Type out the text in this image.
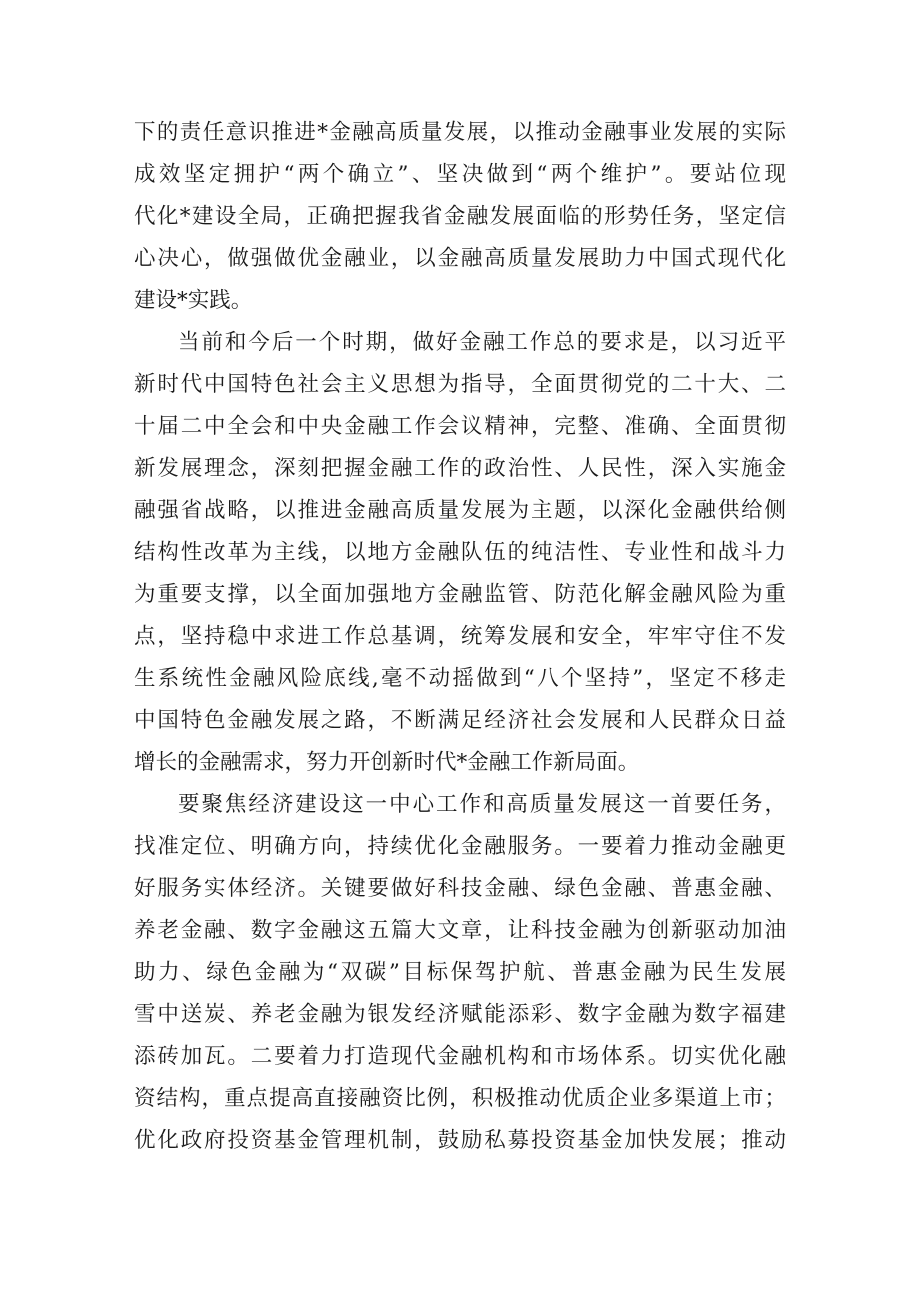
下的责任意识推进*金融高质量发展，以推动金融事业发展的实际
成效坚定拥护“两个确立”、坚决做到“两个维护”。要站位现
代化*建设全局，正确把握我省金融发展面临的形势任务，坚定信
心决心，做强做优金融业，以金融高质量发展助力中国式现代化
建设*实践。
当前和今后一个时期，做好金融工作总的要求是，以习近平
新时代中国特色社会主义思想为指导，全面贯彻党的二十大、二
十届二中全会和中央金融工作会议精神，完整、准确、全面贯彻
新发展理念，深刻把握金融工作的政治性、人民性，深入实施金
融强省战略，以推进金融高质量发展为主题，以深化金融供给侧
结构性改革为主线，以地方金融队伍的纯洁性、专业性和战斗力
为重要支撑，以全面加强地方金融监管、防范化解金融风险为重
点，坚持稳中求进工作总基调，统筹发展和安全，牢牢守住不发
生系统性金融风险底线,毫不动摇做到“八个坚持”，坚定不移走
中国特色金融发展之路，不断满足经济社会发展和人民群众日益
增长的金融需求，努力开创新时代*金融工作新局面。
要聚焦经济建设这一中心工作和高质量发展这一首要任务，
找准定位、明确方向，持续优化金融服务。一要着力推动金融更
好服务实体经济。关键要做好科技金融、绿色金融、普惠金融、
养老金融、数字金融这五篇大文章，让科技金融为创新驱动加油
助力、绿色金融为“双碳”目标保驾护航、普惠金融为民生发展
雪中送炭、养老金融为银发经济赋能添彩、数字金融为数字福建
添砖加瓦。二要着力打造现代金融机构和市场体系。切实优化融
资结构，重点提高直接融资比例，积极推动优质企业多渠道上市；
优化政府投资基金管理机制，鼓励私募投资基金加快发展；推动
